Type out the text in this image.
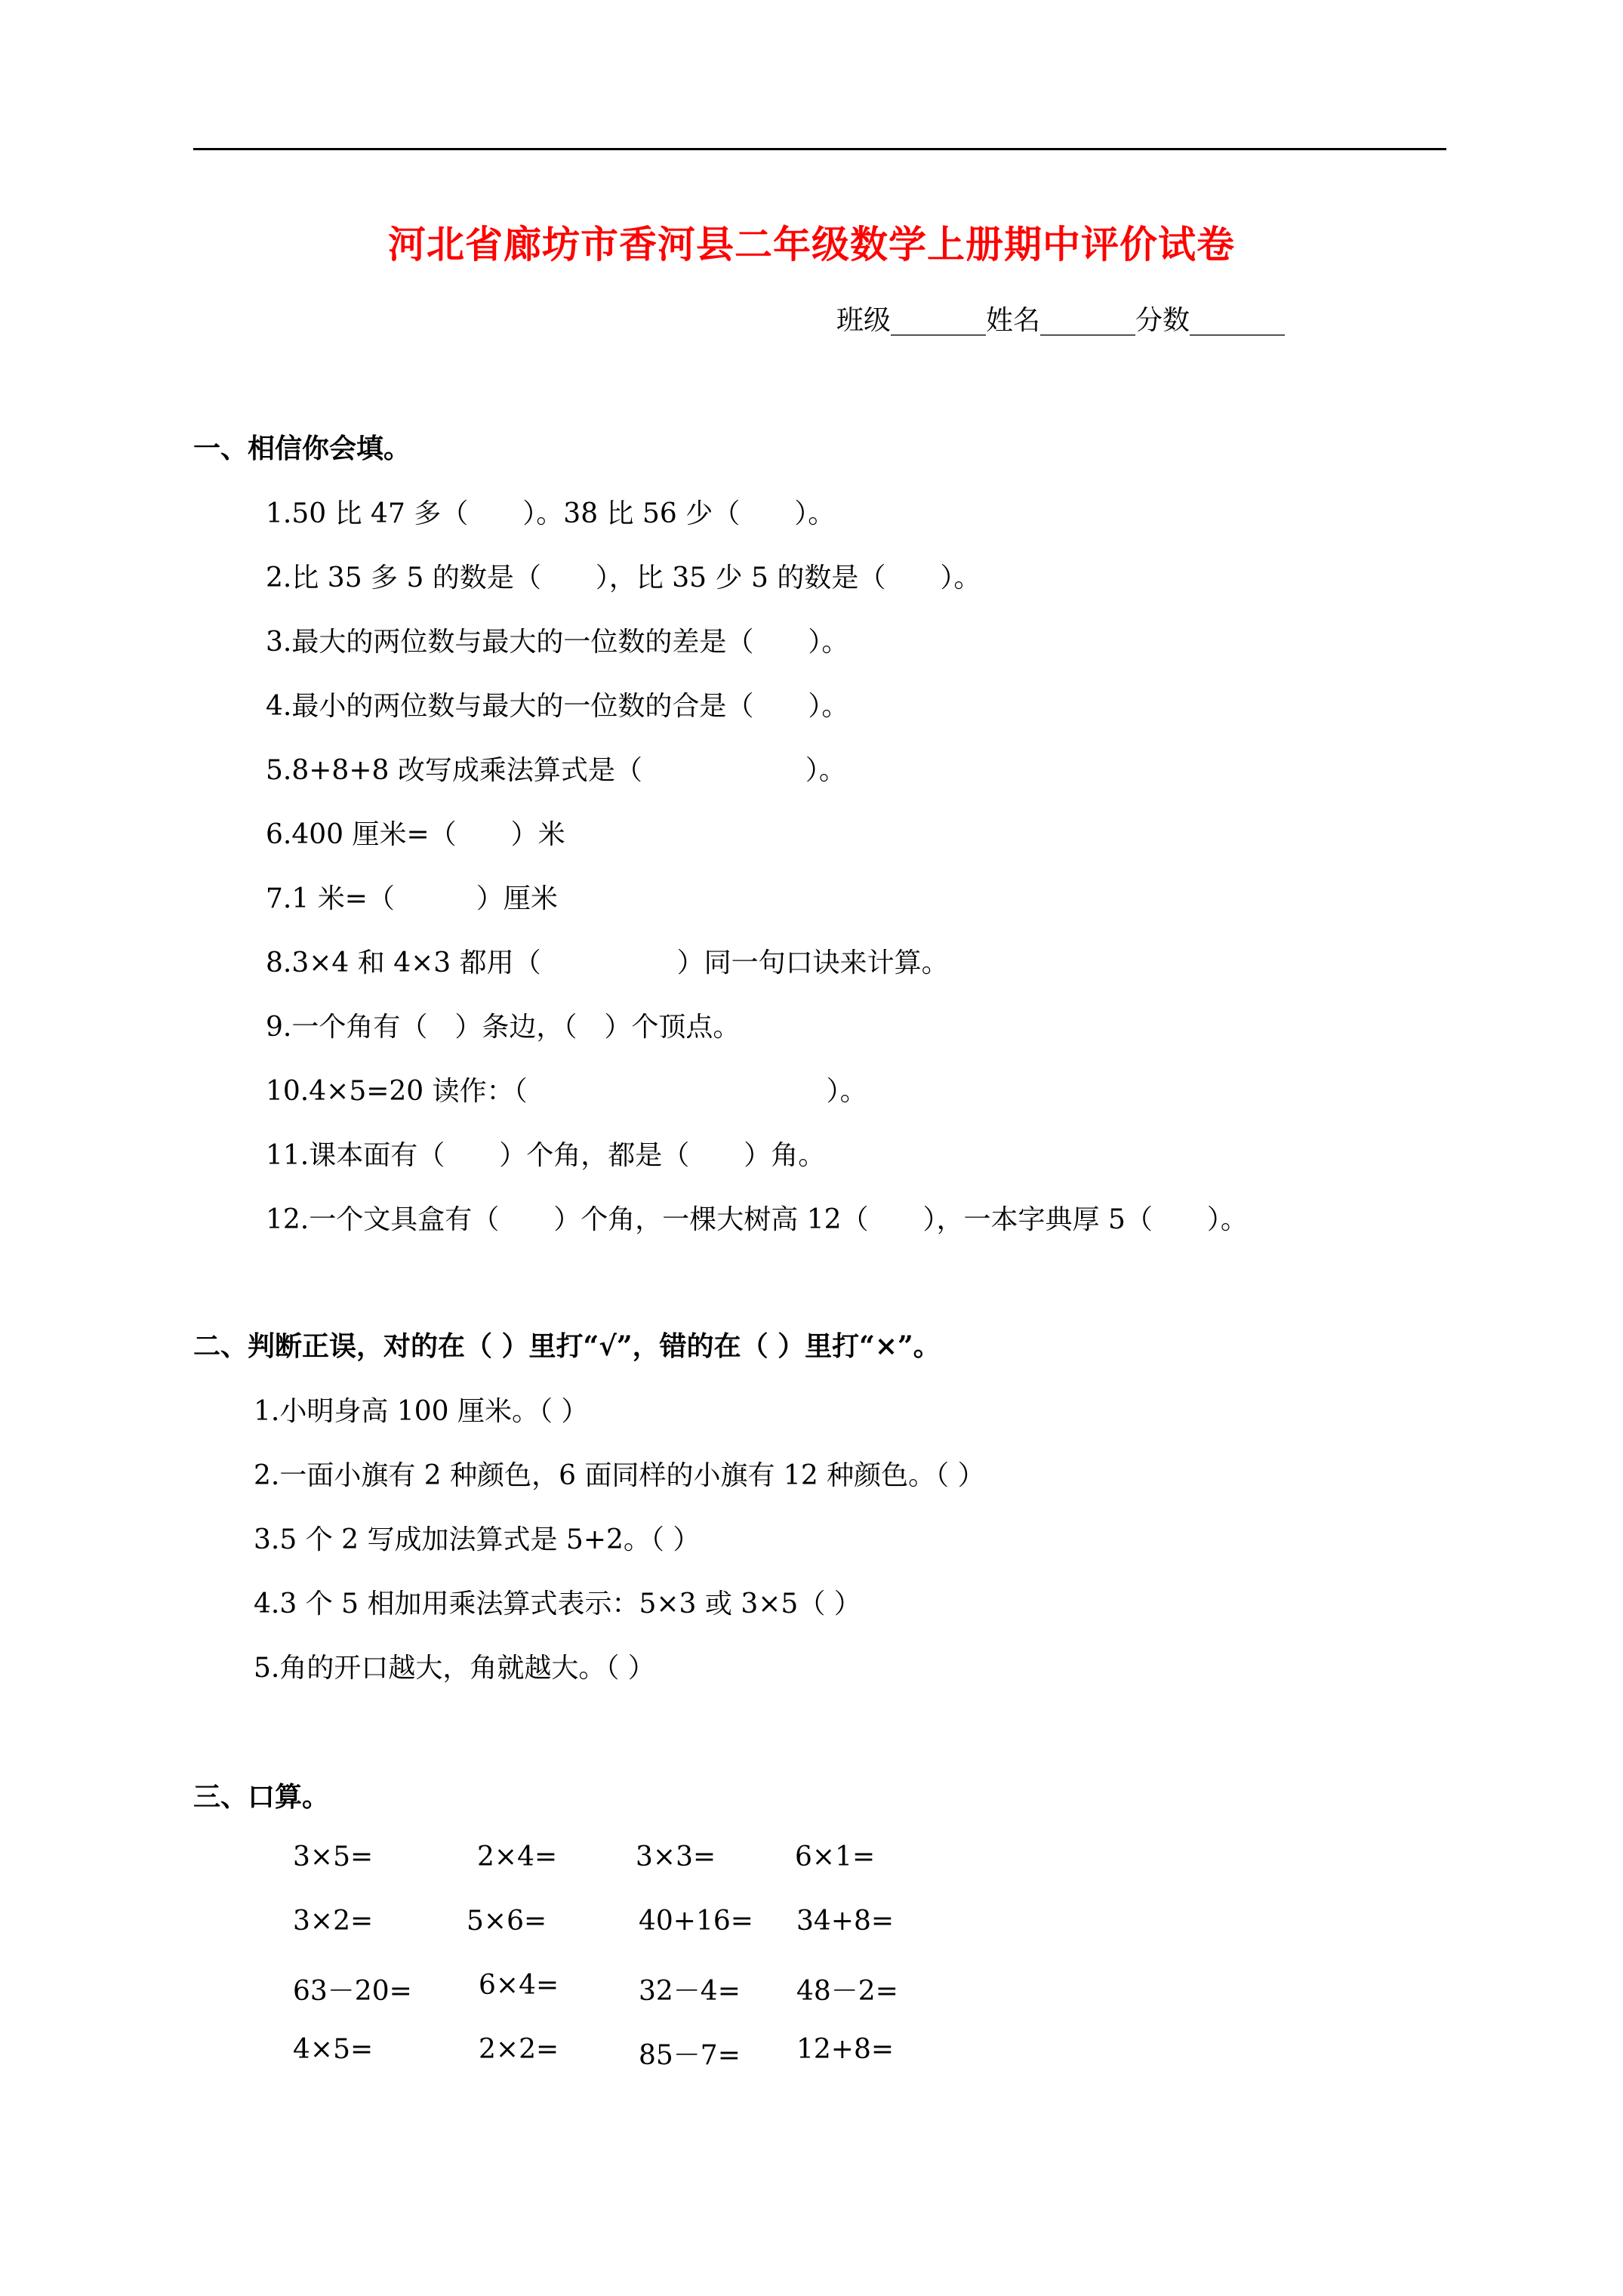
河北省廊坊市香河县二年级数学上册期中评价试卷
班级_______姓名_______分数_______
一、相信你会填。
1.50 比 47 多（　　）。38 比 56 少（　　）。
2.比 35 多 5 的数是（　　），比 35 少 5 的数是（　　）。
3.最大的两位数与最大的一位数的差是（　　）。
4.最小的两位数与最大的一位数的合是（　　）。
5.8+8+8 改写成乘法算式是（　　　　　　）。
6.400 厘米=（　　）米
7.1 米=（　　　）厘米
8.3×4 和 4×3 都用（　　　　　）同一句口诀来计算。
9.一个角有（　）条边，（　）个顶点。
10.4×5=20 读作：（　　　　　　　　　　　）。
11.课本面有（　　）个角，都是（　　）角。
12.一个文具盒有（　　）个角，一棵大树高 12（　　），一本字典厚 5（　　）。
二、判断正误，对的在（ ）里打“√”，错的在（ ）里打“×”。
1.小明身高 100 厘米。（ ）
2.一面小旗有 2 种颜色，6 面同样的小旗有 12 种颜色。（ ）
3.5 个 2 写成加法算式是 5+2。（ ）
4.3 个 5 相加用乘法算式表示：5×3 或 3×5（ ）
5.角的开口越大，角就越大。（ ）
三、口算。
3×5=	2×4=	3×3=	6×1=
3×2=	5×6=	40+16= 34+8=
63－20= 6×4=	32－4= 48－2=
4×5=	2×2=	85－7= 12+8=
